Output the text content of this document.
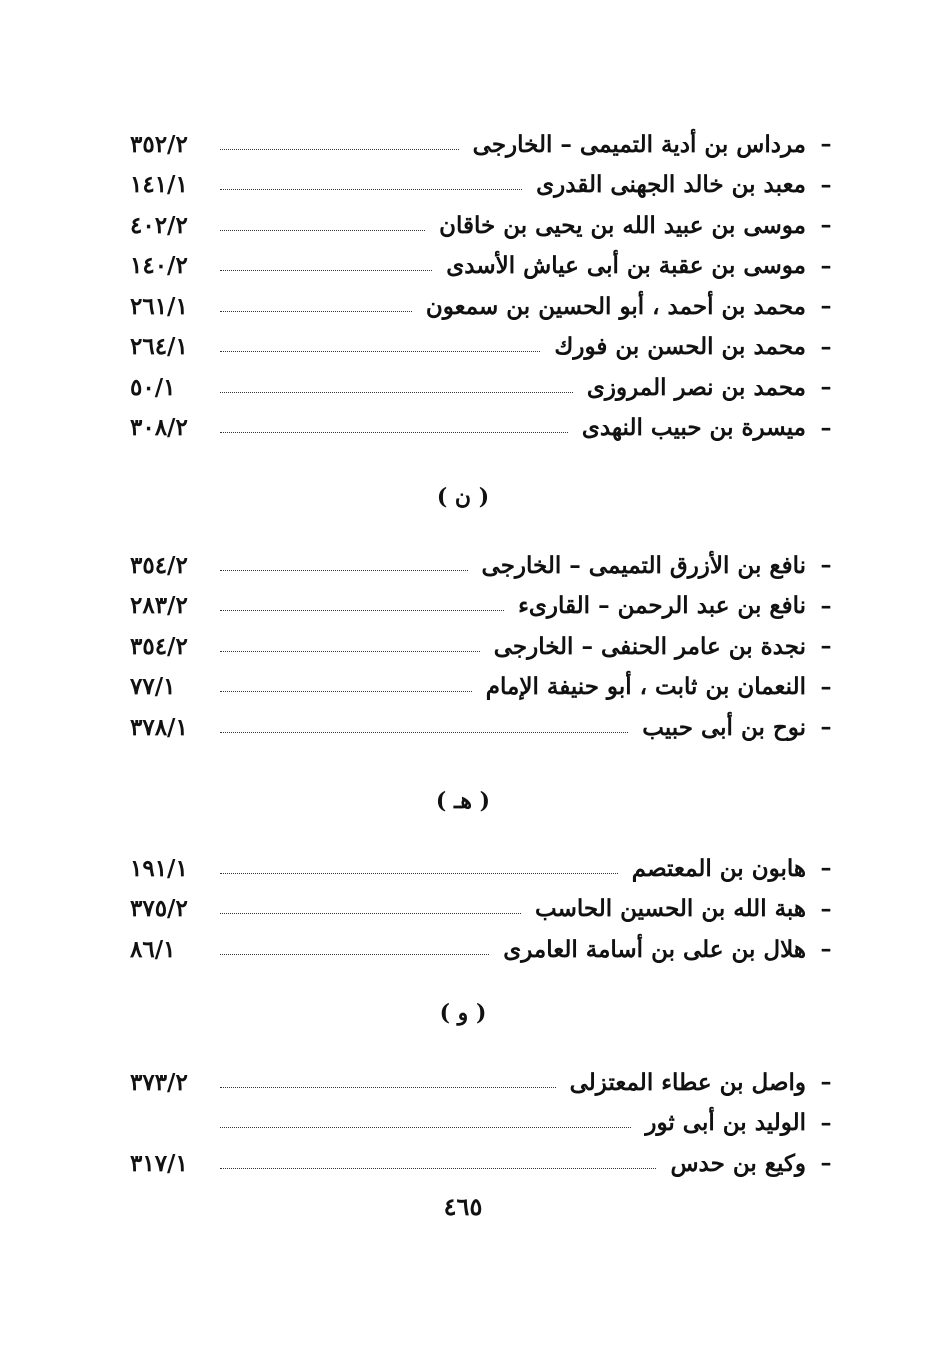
–
مرداس بن أدية التميمى – الخارجى
٣٥٢/٢
–
معبد بن خالد الجهنى القدرى
١٤١/١
–
موسى بن عبيد الله بن يحيى بن خاقان
٤٠٢/٢
–
موسى بن عقبة بن أبى عياش الأسدى
١٤٠/٢
–
محمد بن أحمد ، أبو الحسين بن سمعون
٢٦١/١
–
محمد بن الحسن بن فورك
٢٦٤/١
–
محمد بن نصر المروزى
٥٠/١
–
ميسرة بن حبيب النهدى
٣٠٨/٢
( ن )
–
نافع بن الأزرق التميمى – الخارجى
٣٥٤/٢
–
نافع بن عبد الرحمن – القارىء
٢٨٣/٢
–
نجدة بن عامر الحنفى – الخارجى
٣٥٤/٢
–
النعمان بن ثابت ، أبو حنيفة الإمام
٧٧/١
–
نوح بن أبى حبيب
٣٧٨/١
( هـ )
–
هابون بن المعتصم
١٩١/١
–
هبة الله بن الحسين الحاسب
٣٧٥/٢
–
هلال بن على بن أسامة العامرى
٨٦/١
( و )
–
واصل بن عطاء المعتزلى
٣٧٣/٢
–
الوليد بن أبى ثور
–
وكيع بن حدس
٣١٧/١
٤٦٥
